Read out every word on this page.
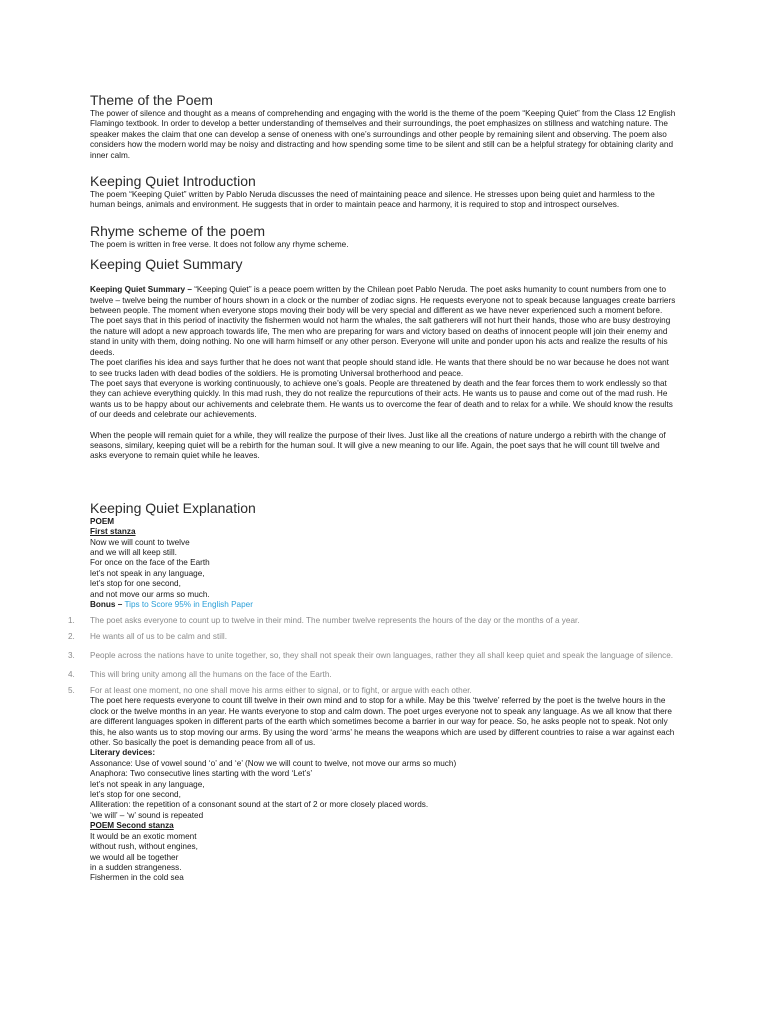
Theme of the Poem

The power of silence and thought as a means of comprehending and engaging with the world is the theme of the poem “Keeping Quiet” from the Class 12 English Flamingo textbook. In order to develop a better understanding of themselves and their surroundings, the poet emphasizes on stillness and watching nature. The speaker makes the claim that one can develop a sense of oneness with one’s surroundings and other people by remaining silent and observing. The poem also considers how the modern world may be noisy and distracting and how spending some time to be silent and still can be a helpful strategy for obtaining clarity and inner calm.

Keeping Quiet Introduction

The poem “Keeping Quiet” written by Pablo Neruda discusses the need of maintaining peace and silence. He stresses upon being quiet and harmless to the human beings, animals and environment. He suggests that in order to maintain peace and harmony, it is required to stop and introspect ourselves.

Rhyme scheme of the poem

The poem is written in free verse. It does not follow any rhyme scheme.

Keeping Quiet Summary

Keeping Quiet Summary – “Keeping Quiet” is a peace poem written by the Chilean poet Pablo Neruda. The poet asks humanity to count numbers from one to twelve – twelve being the number of hours shown in a clock or the number of zodiac signs. He requests everyone not to speak because languages create barriers between people. The moment when everyone stops moving their body will be very special and different as we have never experienced such a moment before.

The poet says that in this period of inactivity the fishermen would not harm the whales, the salt gatherers will not hurt their hands, those who are busy destroying the nature will adopt a new approach towards life, The men who are preparing for wars and victory based on deaths of innocent people will join their enemy and stand in unity with them, doing nothing. No one will harm himself or any other person. Everyone will unite and ponder upon his acts and realize the results of his deeds.

The poet clarifies his idea and says further that he does not want that people should stand idle. He wants that there should be no war because he does not want to see trucks laden with dead bodies of the soldiers. He is promoting Universal brotherhood and peace.

The poet says that everyone is working continuously, to achieve one’s goals. People are threatened by death and the fear forces them to work endlessly so that they can achieve everything quickly. In this mad rush, they do not realize the repurcutions of their acts. He wants us to pause and come out of the mad rush. He wants us to be happy about our achivements and celebrate them. He wants us to overcome the fear of death and to relax for a while. We should know the results of our deeds and celebrate our achievements.

When the people will remain quiet for a while, they will realize the purpose of their lives. Just like all the creations of nature undergo a rebirth with the change of seasons, similary, keeping quiet will be a rebirth for the human soul. It will give a new meaning to our life. Again, the poet says that he will count till twelve and asks everyone to remain quiet while he leaves.

Keeping Quiet Explanation

POEM

First stanza

Now we will count to twelve

and we will all keep still.

For once on the face of the Earth

let’s not speak in any language,

let’s stop for one second,

and not move our arms so much.

Bonus – Tips to Score 95% in English Paper

1. The poet asks everyone to count up to twelve in their mind. The number twelve represents the hours of the day or the months of a year.
2. He wants all of us to be calm and still.
3. People across the nations have to unite together, so, they shall not speak their own languages, rather they all shall keep quiet and speak the language of silence.
4. This will bring unity among all the humans on the face of the Earth.
5. For at least one moment, no one shall move his arms either to signal, or to fight, or argue with each other.

The poet here requests everyone to count till twelve in their own mind and to stop for a while. May be this ‘twelve’ referred by the poet is the twelve hours in the clock or the twelve months in an year. He wants everyone to stop and calm down. The poet urges everyone not to speak any language. As we all know that there are different languages spoken in different parts of the earth which sometimes become a barrier in our way for peace. So, he asks people not to speak. Not only this, he also wants us to stop moving our arms. By using the word ‘arms’ he means the weapons which are used by different countries to raise a war against each other. So basically the poet is demanding peace from all of us.

Literary devices:

Assonance: Use of vowel sound ‘o’ and ‘e’ (Now we will count to twelve, not move our arms so much)

Anaphora: Two consecutive lines starting with the word ‘Let’s’

let’s not speak in any language,

let’s stop for one second,

Alliteration: the repetition of a consonant sound at the start of 2 or more closely placed words.

‘we will’ – ‘w’ sound is repeated

POEM Second stanza

It would be an exotic moment

without rush, without engines,

we would all be together

in a sudden strangeness.

Fishermen in the cold sea
